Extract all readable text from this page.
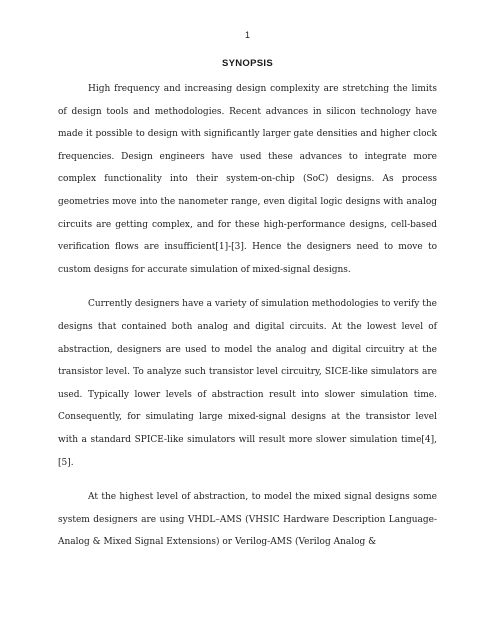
1
SYNOPSIS

High frequency and increasing design complexity are stretching the limits of design tools and methodologies. Recent advances in silicon technology have made it possible to design with significantly larger gate densities and higher clock frequencies. Design engineers have used these advances to integrate more complex functionality into their system-on-chip (SoC) designs. As process geometries move into the nanometer range, even digital logic designs with analog circuits are getting complex, and for these high-performance designs, cell-based verification flows are insufficient[1]-[3]. Hence the designers need to move to custom designs for accurate simulation of mixed-signal designs.

Currently designers have a variety of simulation methodologies to verify the designs that contained both analog and digital circuits. At the lowest level of abstraction, designers are used to model the analog and digital circuitry at the transistor level. To analyze such transistor level circuitry, SICE-like simulators are used. Typically lower levels of abstraction result into slower simulation time. Consequently, for simulating large mixed-signal designs at the transistor level with a standard SPICE-like simulators will result more slower simulation time[4],[5].

At the highest level of abstraction, to model the mixed signal designs some system designers are using VHDL–AMS (VHSIC Hardware Description Language-Analog & Mixed Signal Extensions) or Verilog-AMS (Verilog Analog &
